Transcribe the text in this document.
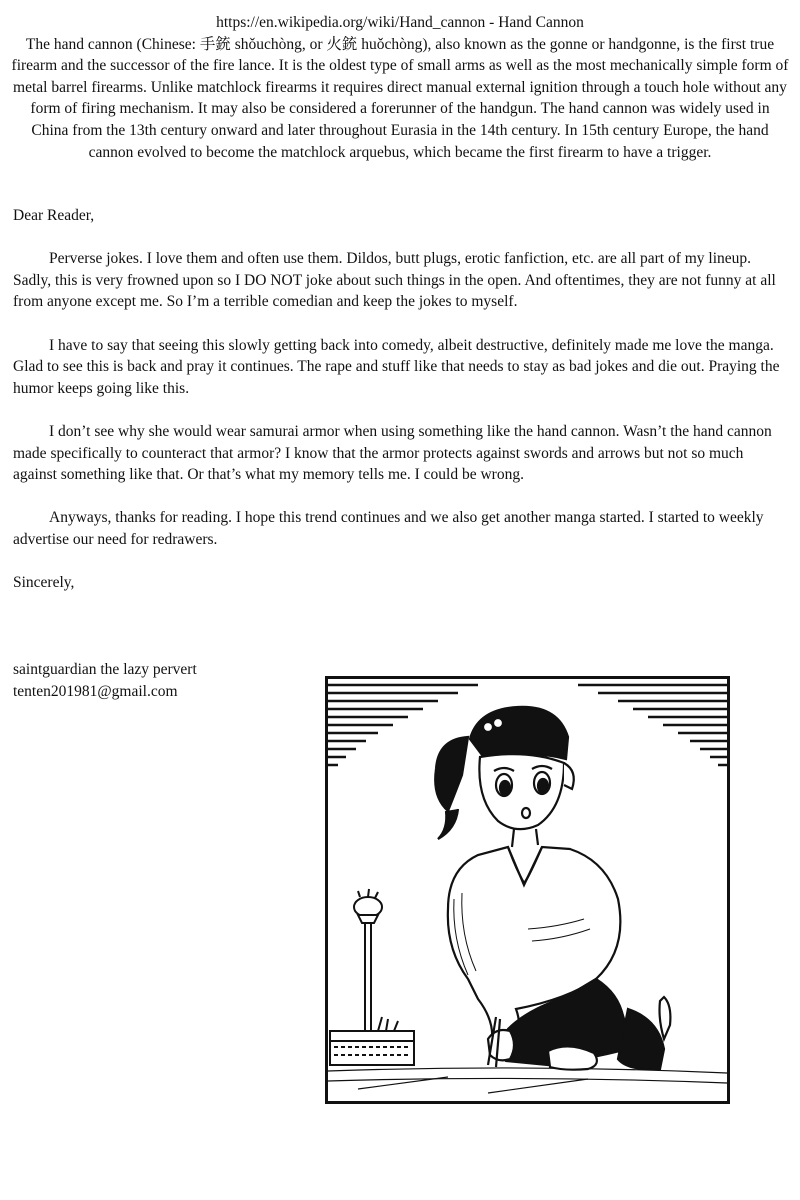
https://en.wikipedia.org/wiki/Hand_cannon - Hand Cannon
The hand cannon (Chinese: 手銃 shǒuchòng, or 火銃 huǒchòng), also known as the gonne or handgonne, is the first true firearm and the successor of the fire lance. It is the oldest type of small arms as well as the most mechanically simple form of metal barrel firearms. Unlike matchlock firearms it requires direct manual external ignition through a touch hole without any form of firing mechanism. It may also be considered a forerunner of the handgun. The hand cannon was widely used in China from the 13th century onward and later throughout Eurasia in the 14th century. In 15th century Europe, the hand cannon evolved to become the matchlock arquebus, which became the first firearm to have a trigger.

Dear Reader,

Perverse jokes. I love them and often use them. Dildos, butt plugs, erotic fanfiction, etc. are all part of my lineup. Sadly, this is very frowned upon so I DO NOT joke about such things in the open. And oftentimes, they are not funny at all from anyone except me. So I’m a terrible comedian and keep the jokes to myself.

I have to say that seeing this slowly getting back into comedy, albeit destructive, definitely made me love the manga. Glad to see this is back and pray it continues. The rape and stuff like that needs to stay as bad jokes and die out. Praying the humor keeps going like this.

I don’t see why she would wear samurai armor when using something like the hand cannon. Wasn’t the hand cannon made specifically to counteract that armor? I know that the armor protects against swords and arrows but not so much against something like that. Or that’s what my memory tells me. I could be wrong.

Anyways, thanks for reading. I hope this trend continues and we also get another manga started. I started to weekly advertise our need for redrawers.

Sincerely,

saintguardian the lazy pervert
tenten201981@gmail.com
